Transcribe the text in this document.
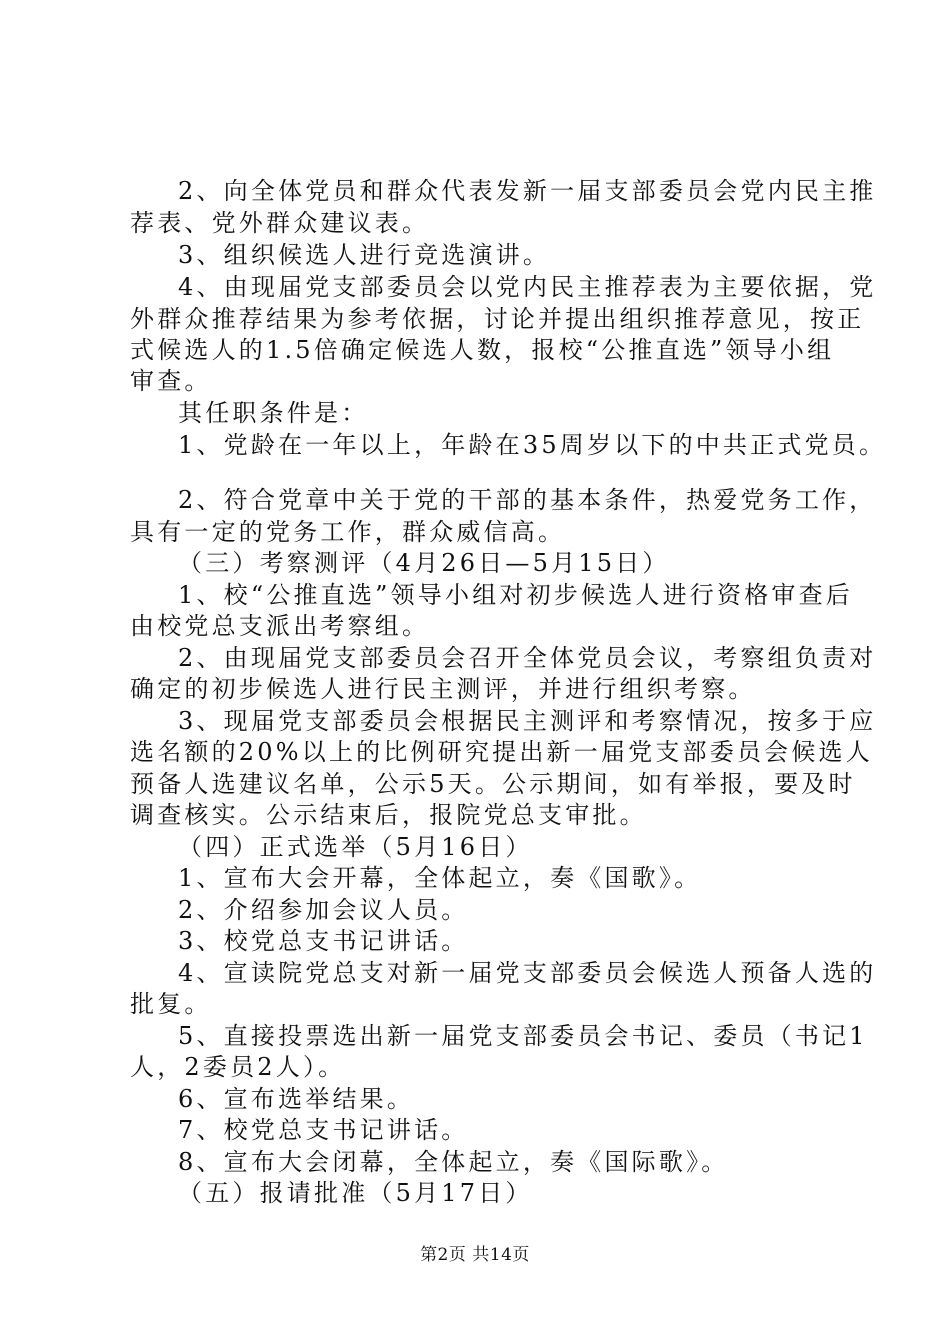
2、向全体党员和群众代表发新一届支部委员会党内民主推
荐表、党外群众建议表。
3、组织候选人进行竞选演讲。
4、由现届党支部委员会以党内民主推荐表为主要依据，党
外群众推荐结果为参考依据，讨论并提出组织推荐意见，按正
式候选人的1.5倍确定候选人数，报校“公推直选”领导小组
审查。
其任职条件是：
1、党龄在一年以上，年龄在35周岁以下的中共正式党员。
2、符合党章中关于党的干部的基本条件，热爱党务工作，
具有一定的党务工作，群众威信高。
（三）考察测评（4月26日—5月15日）
1、校“公推直选”领导小组对初步候选人进行资格审查后
由校党总支派出考察组。
2、由现届党支部委员会召开全体党员会议，考察组负责对
确定的初步候选人进行民主测评，并进行组织考察。
3、现届党支部委员会根据民主测评和考察情况，按多于应
选名额的20%以上的比例研究提出新一届党支部委员会候选人
预备人选建议名单，公示5天。公示期间，如有举报，要及时
调查核实。公示结束后，报院党总支审批。
（四）正式选举（5月16日）
1、宣布大会开幕，全体起立，奏《国歌》。
2、介绍参加会议人员。
3、校党总支书记讲话。
4、宣读院党总支对新一届党支部委员会候选人预备人选的
批复。
5、直接投票选出新一届党支部委员会书记、委员（书记1
人，2委员2人）。
6、宣布选举结果。
7、校党总支书记讲话。
8、宣布大会闭幕，全体起立，奏《国际歌》。
（五）报请批准（5月17日）
第2页 共14页
